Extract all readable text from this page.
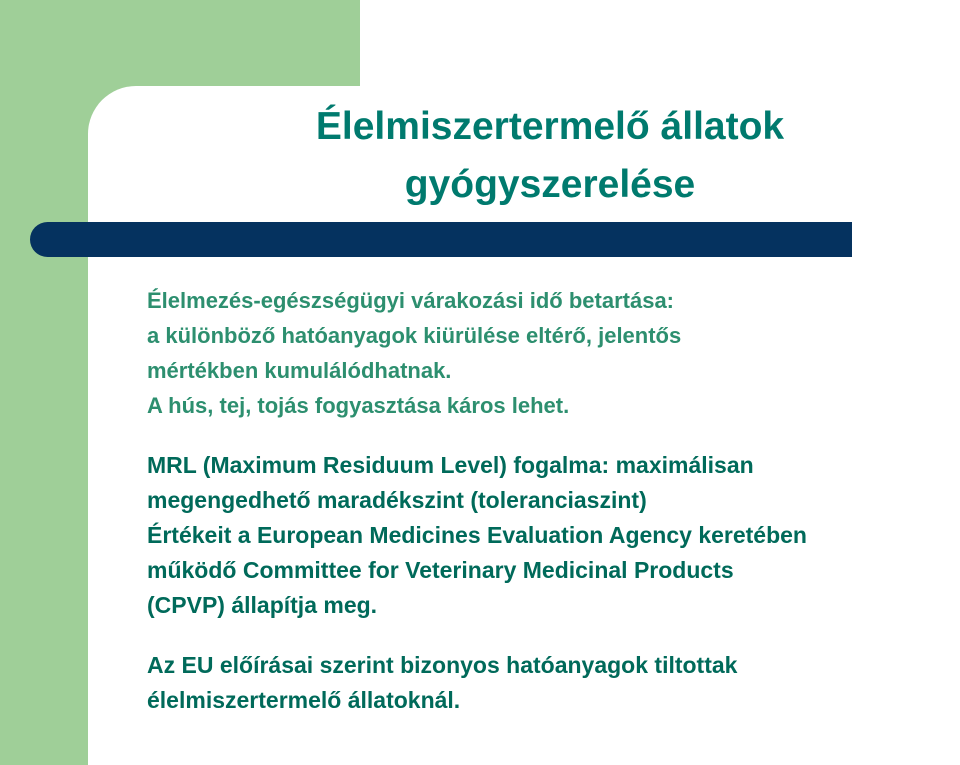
Élelmiszertermelő állatok
gyógyszerelése

Élelmezés-egészségügyi várakozási idő betartása:
a különböző hatóanyagok kiürülése eltérő, jelentős
mértékben kumulálódhatnak.
A hús, tej, tojás fogyasztása káros lehet.

MRL (Maximum Residuum Level) fogalma: maximálisan
megengedhető maradékszint (toleranciaszint)
Értékeit a European Medicines Evaluation Agency keretében
működő Committee for Veterinary Medicinal Products
(CPVP) állapítja meg.

Az EU előírásai szerint bizonyos hatóanyagok tiltottak
élelmiszertermelő állatoknál.
